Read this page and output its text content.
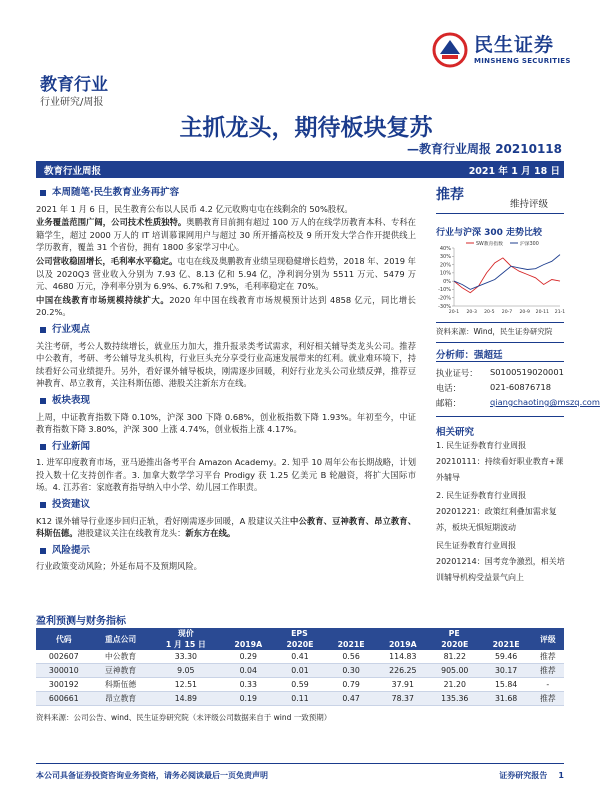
民生证券
MINSHENG SECURITIES
教育行业
行业研究/周报
主抓龙头，期待板块复苏
—教育行业周报 20210118
教育行业周报	2021 年 1 月 18 日
本周随笔·民生教育业务再扩容

2021 年 1 月 6 日，民生教育公布以人民币 4.2 亿元收购屯屯在线剩余的 50%股权。

业务覆盖范围广阔，公司技术性质独特。奥鹏教育目前拥有超过 100 万人的在线学历教育本科、专科在籍学生，超过 2000 万人的 IT 培训慕课网用户与超过 30 所开播高校及 9 所开发大学合作开提供线上学历教育，覆盖 31 个省份，拥有 1800 多家学习中心。

公司营收稳固增长，毛利率水平稳定。屯屯在线及奥鹏教育业绩呈现稳健增长趋势，2018 年、2019 年以及 2020Q3 营业收入分别为 7.93 亿、8.13 亿和 5.94 亿，净利润分别为 5511 万元、5479 万元、4680 万元，净利率分别为 6.9%、6.7%和 7.9%，毛利率稳定在 70%。

中国在线教育市场规模持续扩大。2020 年中国在线教育市场规模预计达到 4858 亿元，同比增长 20.2%。

行业观点

关注考研，考公人数持续增长，就业压力加大，推升报录类考试需求，利好相关辅导类龙头公司。推荐中公教育，考研、考公辅导龙头机构，行业巨头充分享受行业高速发展带来的红利。就业难环境下，持续看好公司业绩提升。另外，看好课外辅导板块，刚需逐步回暖，利好行业龙头公司业绩反弹，推荐豆神教育、昂立教育，关注科斯伍德、港股关注新东方在线。

板块表现

上周，中证教育指数下降 0.10%，沪深 300 下降 0.68%，创业板指数下降 1.93%。年初至今，中证教育指数下降 3.80%，沪深 300 上涨 4.74%，创业板指上涨 4.17%。

行业新闻

1. 进军印度教育市场，亚马逊推出备考平台 Amazon Academy。2. 知乎 10 周年公布长期战略，计划投入数十亿支持创作者。3. 加拿大数学学习平台 Prodigy 获 1.25 亿美元 B 轮融资，将扩大国际市场。4. 江苏省：家庭教育指导纳入中小学、幼儿园工作职责。

投资建议

K12 课外辅导行业逐步回归正轨，看好刚需逐步回暖，A 股建议关注中公教育、豆神教育、昂立教育、科斯伍德。港股建议关注在线教育龙头：新东方在线。

风险提示

行业政策变动风险；外延布局不及预期风险。

推荐
维持评级
行业与沪深 300 走势比较
-30%
-20%
-10%
0%
10%
20%
30%
40%
20-1 20-3 20-5 20-7 20-9 20-11 21-1
SW教育指数	沪深300
资料来源：Wind，民生证券研究院
分析师：强超廷
执业证号： S0100519020001
电话：	021-60876718
邮箱：	qiangchaoting@mszq.com
相关研究

1. 民生证券教育行业周报 20210111：持续看好职业教育+课外辅导

2. 民生证券教育行业周报 20201221：政策红利叠加需求复苏，板块无惧短期波动

民生证券教育行业周报 20201214：国考竞争激烈，相关培训辅导机构受益景气向上

盈利预测与财务指标
代码	重点公司	现价	EPS			PE			评级
		1 月 15 日	2019A	2020E	2021E	2019A	2020E	2021E	
002607	中公教育	33.30	0.29	0.41	0.56	114.83	81.22	59.46	推荐
300010	豆神教育	9.05	0.04	0.01	0.30	226.25	905.00	30.17	推荐
300192	科斯伍德	12.51	0.33	0.59	0.79	37.91	21.20	15.84	-
600661	昂立教育	14.89	0.19	0.11	0.47	78.37	135.36	31.68	推荐
资料来源：公司公告、wind、民生证券研究院（未评级公司数据来自于 wind 一致预期）
本公司具备证券投资咨询业务资格，请务必阅读最后一页免责声明	证券研究报告 1
